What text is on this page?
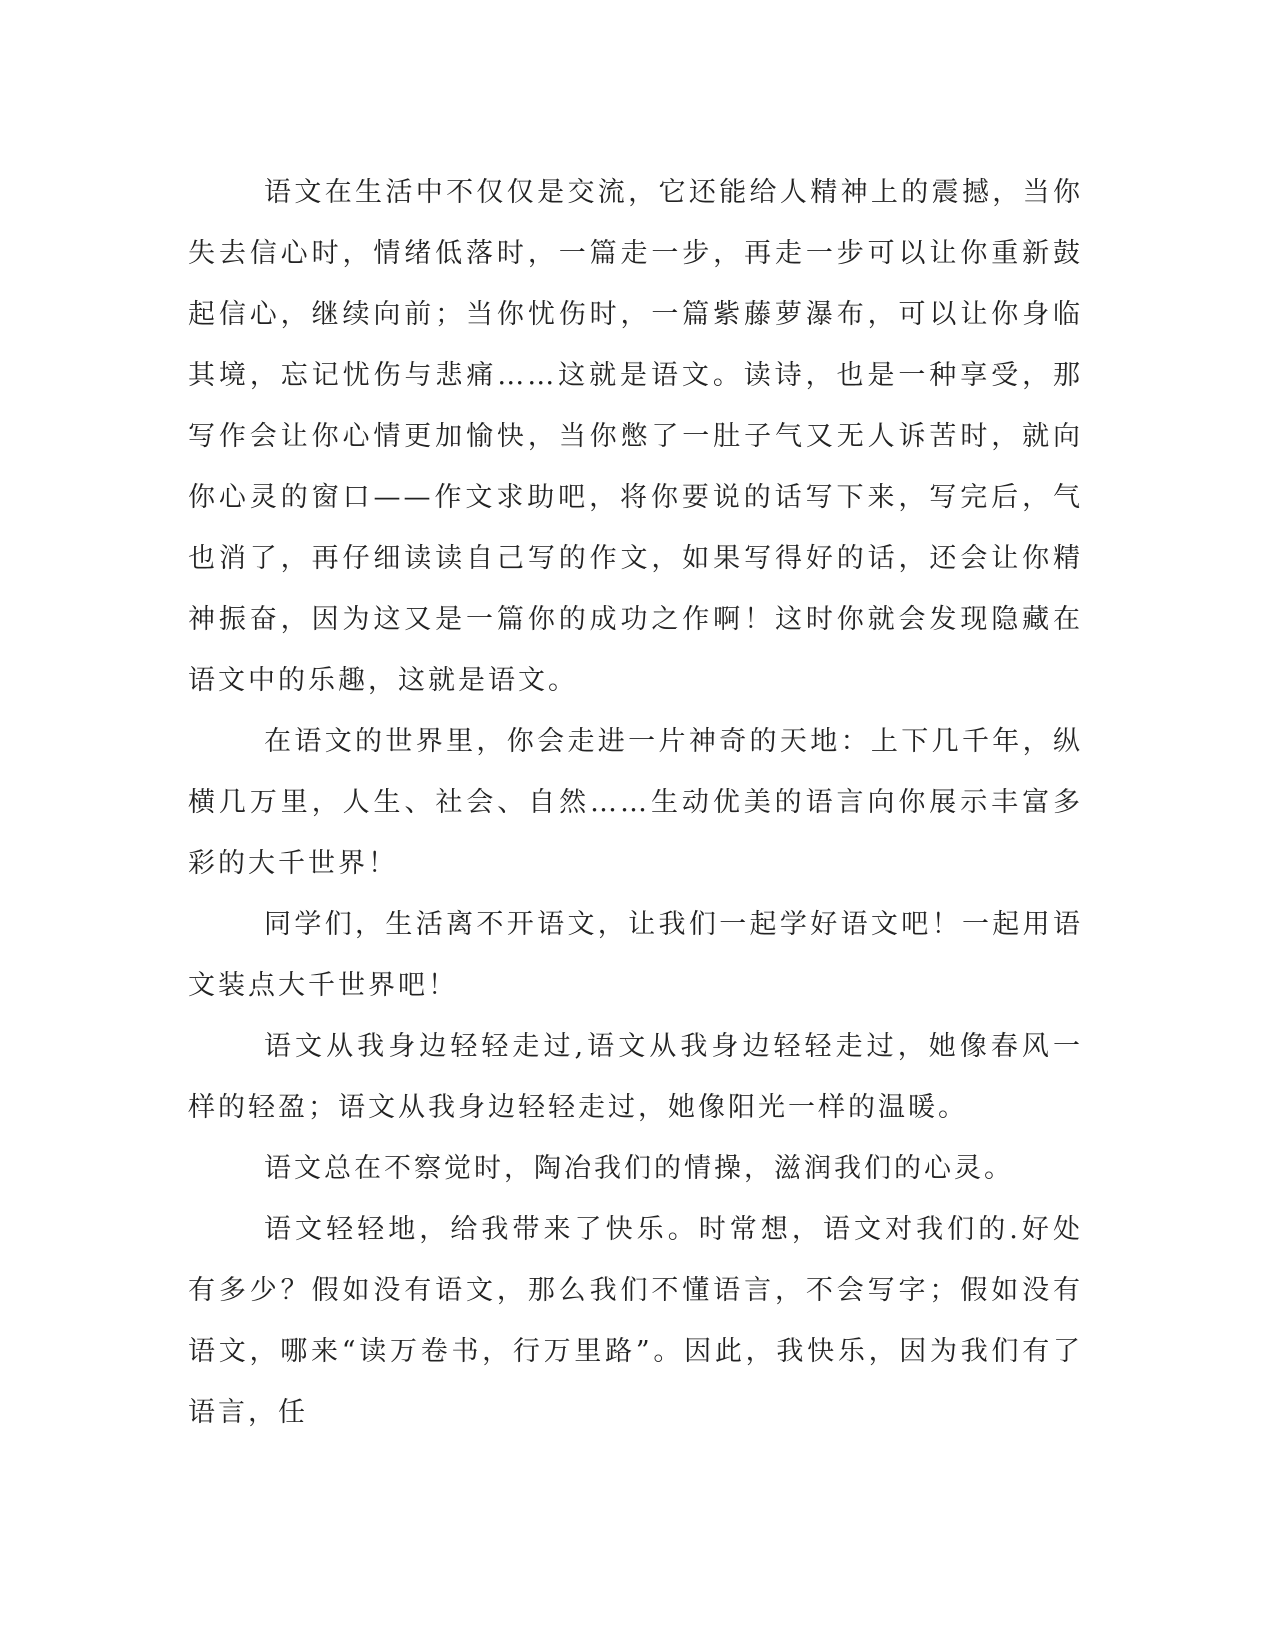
语文在生活中不仅仅是交流，它还能给人精神上的震撼，当你失去信心时，情绪低落时，一篇走一步，再走一步可以让你重新鼓起信心，继续向前；当你忧伤时，一篇紫藤萝瀑布，可以让你身临其境，忘记忧伤与悲痛……这就是语文。读诗，也是一种享受，那写作会让你心情更加愉快，当你憋了一肚子气又无人诉苦时，就向你心灵的窗口——作文求助吧，将你要说的话写下来，写完后，气也消了，再仔细读读自己写的作文，如果写得好的话，还会让你精神振奋，因为这又是一篇你的成功之作啊！这时你就会发现隐藏在语文中的乐趣，这就是语文。

在语文的世界里，你会走进一片神奇的天地：上下几千年，纵横几万里，人生、社会、自然……生动优美的语言向你展示丰富多彩的大千世界！

同学们，生活离不开语文，让我们一起学好语文吧！一起用语文装点大千世界吧！

语文从我身边轻轻走过,语文从我身边轻轻走过，她像春风一样的轻盈；语文从我身边轻轻走过，她像阳光一样的温暖。

语文总在不察觉时，陶冶我们的情操，滋润我们的心灵。

语文轻轻地，给我带来了快乐。时常想，语文对我们的.好处有多少？假如没有语文，那么我们不懂语言，不会写字；假如没有语文，哪来“读万卷书，行万里路”。因此，我快乐，因为我们有了语言，任
